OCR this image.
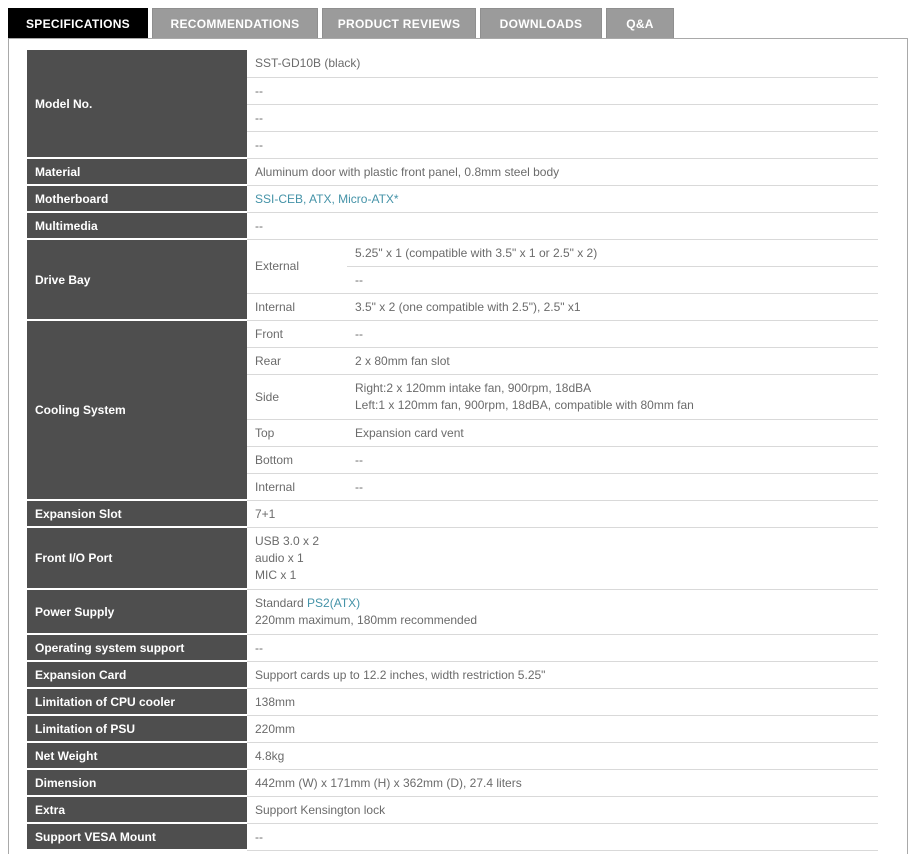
SPECIFICATIONS	RECOMMENDATIONS	PRODUCT REVIEWS	DOWNLOADS	Q&A
Model No.	SST-GD10B (black)	
	--	
	--	
	--	
Material	Aluminum door with plastic front panel, 0.8mm steel body	
Motherboard	SSI-CEB, ATX, Micro-ATX*	
Multimedia	--	
Drive Bay	External	5.25" x 1 (compatible with 3.5" x 1 or 2.5" x 2)
		--
	Internal	3.5" x 2 (one compatible with 2.5"), 2.5" x1
Cooling System	Front	--
	Rear	2 x 80mm fan slot
	Side	Right:2 x 120mm intake fan, 900rpm, 18dBA
Left:1 x 120mm fan, 900rpm, 18dBA, compatible with 80mm fan

	Top	Expansion card vent
	Bottom	--
	Internal	--
Expansion Slot	7+1	
Front I/O Port	USB 3.0 x 2
audio x 1
MIC x 1	

Power Supply	Standard PS2(ATX)
220mm maximum, 180mm recommended	

Operating system support	--	
Expansion Card	Support cards up to 12.2 inches, width restriction 5.25"	
Limitation of CPU cooler	138mm	
Limitation of PSU	220mm	
Net Weight	4.8kg	
Dimension	442mm (W) x 171mm (H) x 362mm (D), 27.4 liters	
Extra	Support Kensington lock	
Support VESA Mount	--	
